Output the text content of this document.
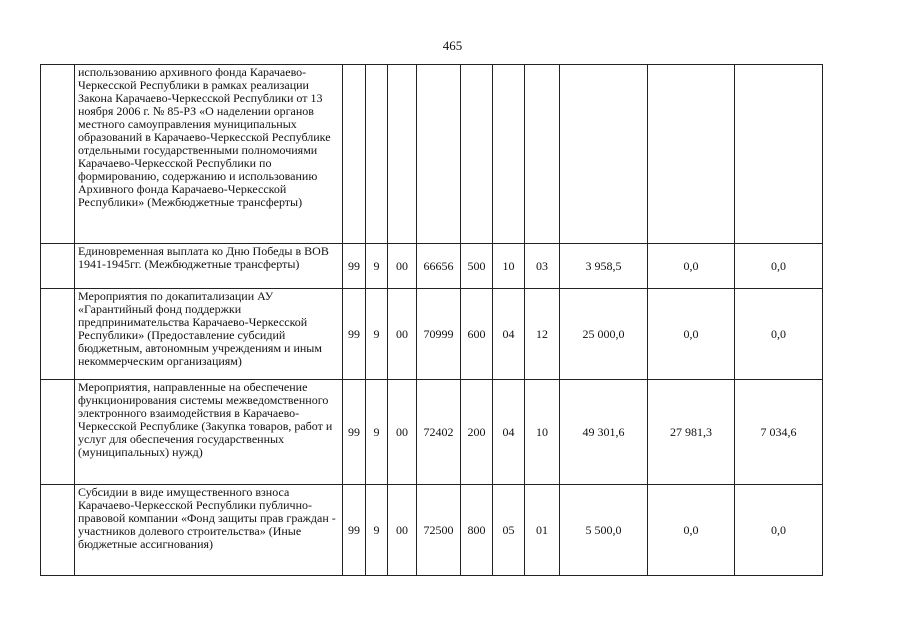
465
	использованию архивного фонда Карачаево-Черкесской Республики в рамках реализации Закона Карачаево-Черкесской Республики от 13 ноября 2006 г. № 85-РЗ «О наделении органов местного самоуправления муниципальных образований в Карачаево-Черкесской Республике отдельными государственными полномочиями Карачаево-Черкесской Республики по формированию, содержанию и использованию Архивного фонда Карачаево-Черкесской Республики» (Межбюджетные трансферты)										
	Единовременная выплата ко Дню Победы в ВОВ 1941-1945гг. (Межбюджетные трансферты)	99	9	00	66656	500	10	03	3 958,5	0,0	0,0
	Мероприятия по докапитализации АУ «Гарантийный фонд поддержки предпринимательства Карачаево-Черкесской Республики» (Предоставление субсидий бюджетным, автономным учреждениям и иным некоммерческим организациям)	99	9	00	70999	600	04	12	25 000,0	0,0	0,0
	Мероприятия, направленные на обеспечение функционирования системы межведомственного электронного взаимодействия в Карачаево-Черкесской Республике (Закупка товаров, работ и услуг для обеспечения государственных (муниципальных) нужд)	99	9	00	72402	200	04	10	49 301,6	27 981,3	7 034,6
	Субсидии в виде имущественного взноса Карачаево-Черкесской Республики публично-правовой компании «Фонд защиты прав граждан - участников долевого строительства» (Иные бюджетные ассигнования)	99	9	00	72500	800	05	01	5 500,0	0,0	0,0
